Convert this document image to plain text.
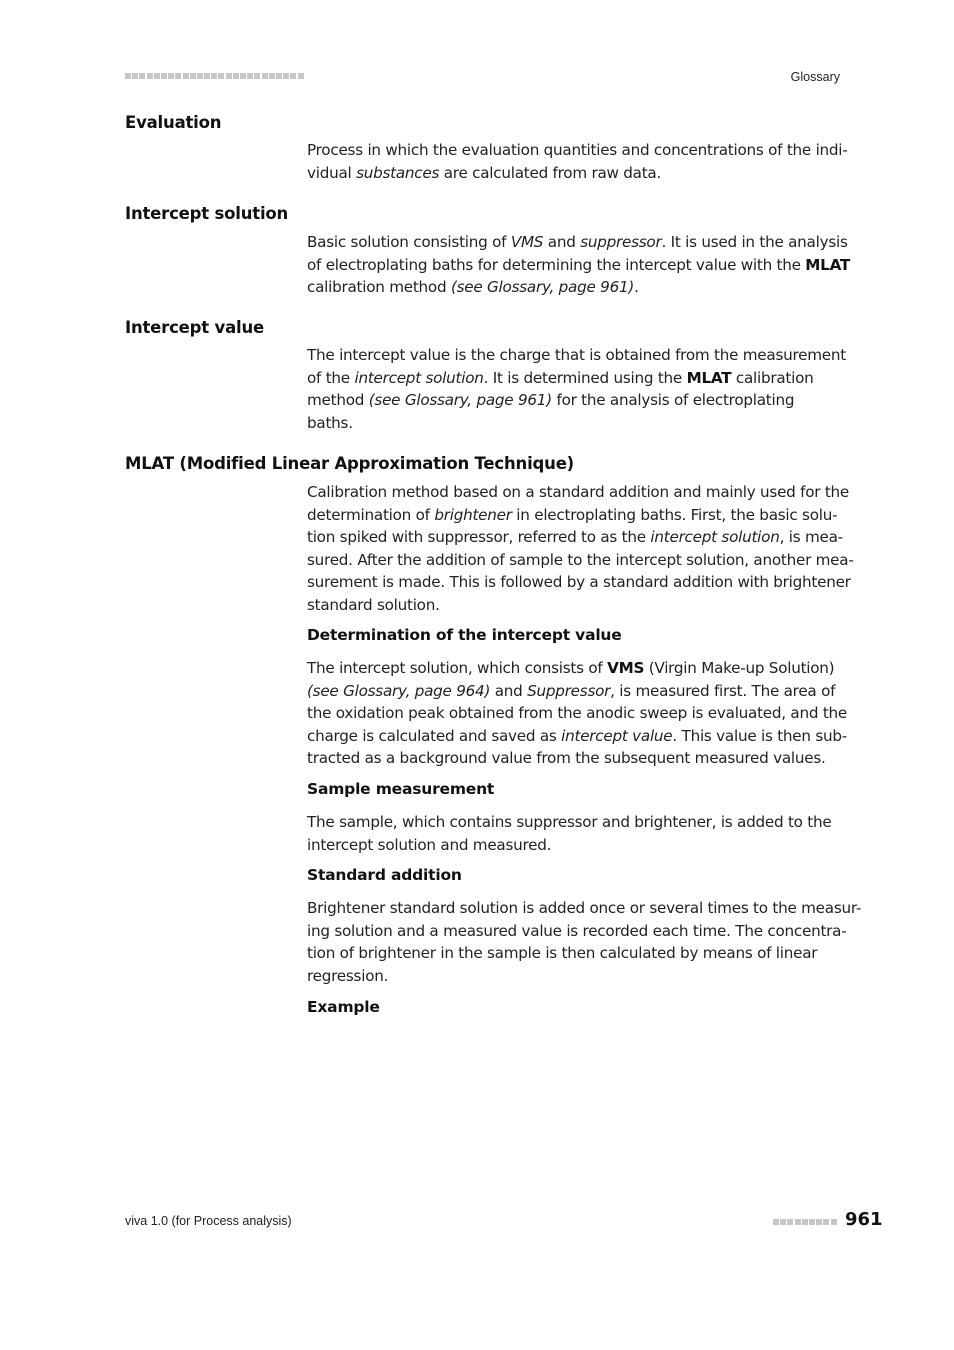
Glossary
Evaluation

Process in which the evaluation quantities and concentrations of the indi-
vidual substances are calculated from raw data.

Intercept solution

Basic solution consisting of VMS and suppressor. It is used in the analysis
of electroplating baths for determining the intercept value with the MLAT
calibration method (see Glossary, page 961).

Intercept value

The intercept value is the charge that is obtained from the measurement
of the intercept solution. It is determined using the MLAT calibration
method (see Glossary, page 961) for the analysis of electroplating
baths.

MLAT (Modified Linear Approximation Technique)

Calibration method based on a standard addition and mainly used for the
determination of brightener in electroplating baths. First, the basic solu-
tion spiked with suppressor, referred to as the intercept solution, is mea-
sured. After the addition of sample to the intercept solution, another mea-
surement is made. This is followed by a standard addition with brightener
standard solution.

Determination of the intercept value

The intercept solution, which consists of VMS (Virgin Make-up Solution)
(see Glossary, page 964) and Suppressor, is measured first. The area of
the oxidation peak obtained from the anodic sweep is evaluated, and the
charge is calculated and saved as intercept value. This value is then sub-
tracted as a background value from the subsequent measured values.

Sample measurement

The sample, which contains suppressor and brightener, is added to the
intercept solution and measured.

Standard addition

Brightener standard solution is added once or several times to the measur-
ing solution and a measured value is recorded each time. The concentra-
tion of brightener in the sample is then calculated by means of linear
regression.

Example
viva 1.0 (for Process analysis)	961
